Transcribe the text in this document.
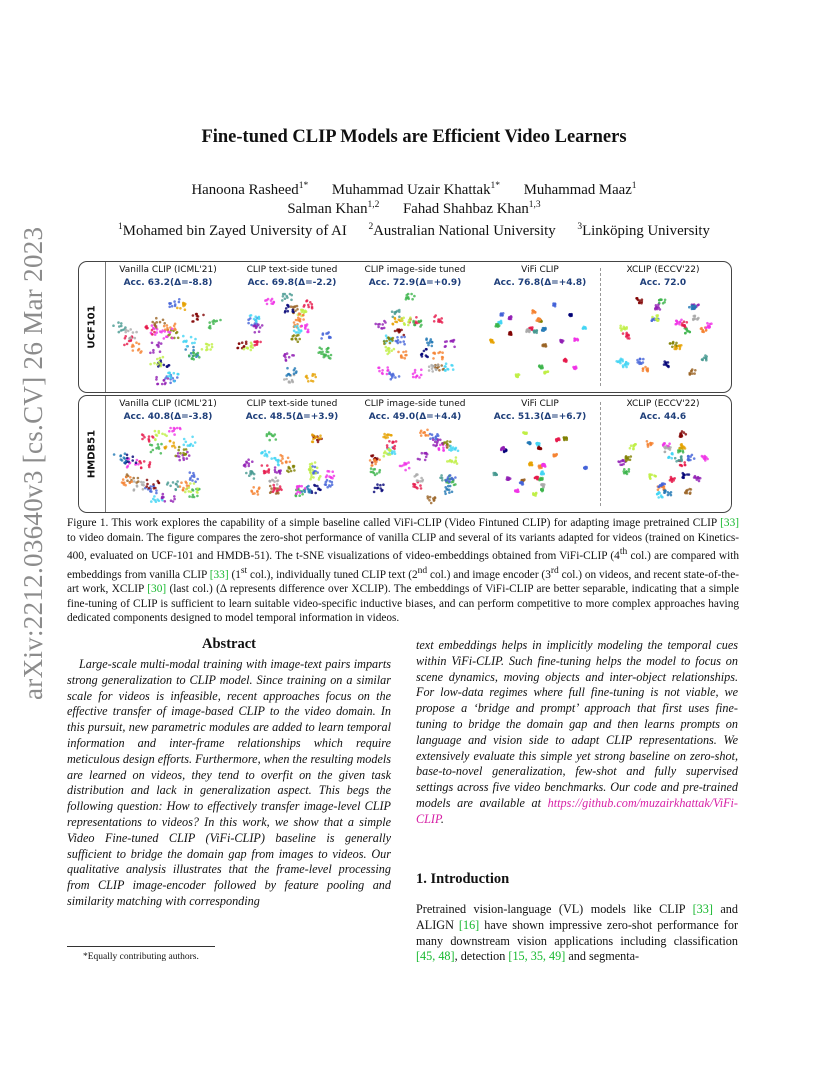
arXiv:2212.03640v3 [cs.CV] 26 Mar 2023
Fine-tuned CLIP Models are Efficient Video Learners
Hanoona Rasheed$^{1*}$ Muhammad Uzair Khattak$^{1*}$ Muhammad Maaz$^1$
Salman Khan$^{1,2}$ Fahad Shahbaz Khan$^{1,3}$
$^1$Mohamed bin Zayed University of AI $^2$Australian National University $^3$Linköping University
UCF101
Vanilla CLIP (ICML'21)
Acc. 63.2(Δ=-8.8)
CLIP text-side tuned
Acc. 69.8(Δ=-2.2)
CLIP image-side tuned
Acc. 72.9(Δ=+0.9)
ViFi CLIP
Acc. 76.8(Δ=+4.8)
XCLIP (ECCV'22)
Acc. 72.0
HMDB51
Vanilla CLIP (ICML'21)
Acc. 40.8(Δ=-3.8)
CLIP text-side tuned
Acc. 48.5(Δ=+3.9)
CLIP image-side tuned
Acc. 49.0(Δ=+4.4)
ViFi CLIP
Acc. 51.3(Δ=+6.7)
XCLIP (ECCV'22)
Acc. 44.6
Figure 1. This work explores the capability of a simple baseline called ViFi-CLIP (Video Fintuned CLIP) for adapting image pretrained CLIP [33] to video domain. The figure compares the zero-shot performance of vanilla CLIP and several of its variants adapted for videos (trained on Kinetics-400, evaluated on UCF-101 and HMDB-51). The t-SNE visualizations of video-embeddings obtained from ViFi-CLIP (4th col.) are compared with embeddings from vanilla CLIP [33] (1st col.), individually tuned CLIP text (2nd col.) and image encoder (3rd col.) on videos, and recent state-of-the-art work, XCLIP [30] (last col.) (Δ represents difference over XCLIP). The embeddings of ViFi-CLIP are better separable, indicating that a simple fine-tuning of CLIP is sufficient to learn suitable video-specific inductive biases, and can perform competitive to more complex approaches having dedicated components designed to model temporal information in videos.
Abstract
Large-scale multi-modal training with image-text pairs imparts strong generalization to CLIP model. Since training on a similar scale for videos is infeasible, recent approaches focus on the effective transfer of image-based CLIP to the video domain. In this pursuit, new parametric modules are added to learn temporal information and inter-frame relationships which require meticulous design efforts. Furthermore, when the resulting models are learned on videos, they tend to overfit on the given task distribution and lack in generalization aspect. This begs the following question: How to effectively transfer image-level CLIP representations to videos? In this work, we show that a simple Video Fine-tuned CLIP (ViFi-CLIP) baseline is generally sufficient to bridge the domain gap from images to videos. Our qualitative analysis illustrates that the frame-level processing from CLIP image-encoder followed by feature pooling and similarity matching with corresponding
text embeddings helps in implicitly modeling the temporal cues within ViFi-CLIP. Such fine-tuning helps the model to focus on scene dynamics, moving objects and inter-object relationships. For low-data regimes where full fine-tuning is not viable, we propose a ‘bridge and prompt’ approach that first uses fine-tuning to bridge the domain gap and then learns prompts on language and vision side to adapt CLIP representations. We extensively evaluate this simple yet strong baseline on zero-shot, base-to-novel generalization, few-shot and fully supervised settings across five video benchmarks. Our code and pre-trained models are available at https://github.com/muzairkhattak/ViFi-CLIP.
1. Introduction
Pretrained vision-language (VL) models like CLIP [33] and ALIGN [16] have shown impressive zero-shot performance for many downstream vision applications including classification [45, 48], detection [15, 35, 49] and segmenta-
*Equally contributing authors.
